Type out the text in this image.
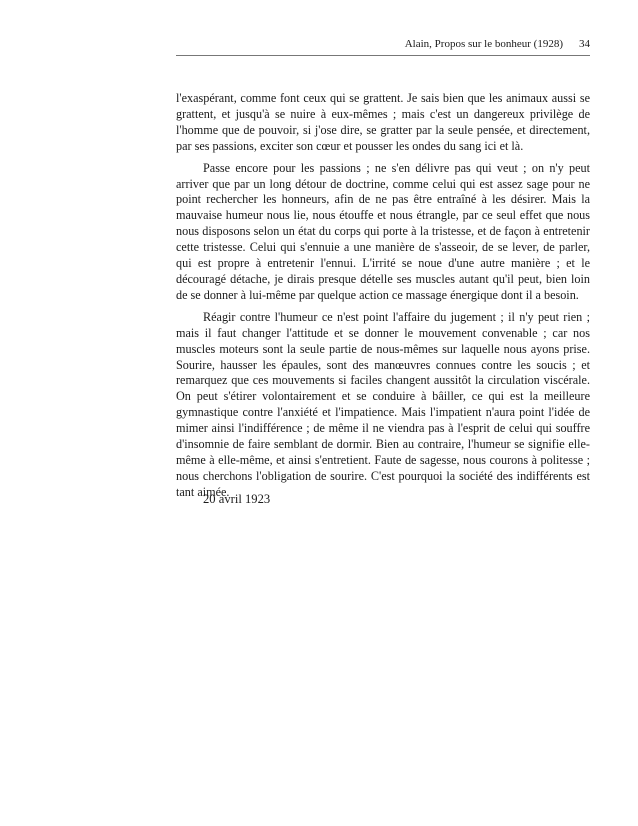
Alain, Propos sur le bonheur (1928) 34

l'exaspérant, comme font ceux qui se grattent. Je sais bien que les animaux aussi se grattent, et jusqu'à se nuire à eux-mêmes ; mais c'est un dangereux privilège de l'homme que de pouvoir, si j'ose dire, se gratter par la seule pensée, et directement, par ses passions, exciter son cœur et pousser les ondes du sang ici et là.

Passe encore pour les passions ; ne s'en délivre pas qui veut ; on n'y peut arriver que par un long détour de doctrine, comme celui qui est assez sage pour ne point rechercher les honneurs, afin de ne pas être entraîné à les désirer. Mais la mauvaise humeur nous lie, nous étouffe et nous étrangle, par ce seul effet que nous nous disposons selon un état du corps qui porte à la tristesse, et de façon à entretenir cette tristesse. Celui qui s'ennuie a une manière de s'asseoir, de se lever, de parler, qui est propre à entretenir l'ennui. L'irrité se noue d'une autre manière ; et le découragé détache, je dirais presque dételle ses muscles autant qu'il peut, bien loin de se donner à lui-même par quelque action ce massage énergique dont il a besoin.

Réagir contre l'humeur ce n'est point l'affaire du jugement ; il n'y peut rien ; mais il faut changer l'attitude et se donner le mouvement convenable ; car nos muscles moteurs sont la seule partie de nous-mêmes sur laquelle nous ayons prise. Sourire, hausser les épaules, sont des manœuvres connues contre les soucis ; et remarquez que ces mouvements si faciles changent aussitôt la circulation viscérale. On peut s'étirer volontairement et se conduire à bâiller, ce qui est la meilleure gymnastique contre l'anxiété et l'impatience. Mais l'impatient n'aura point l'idée de mimer ainsi l'indifférence ; de même il ne viendra pas à l'esprit de celui qui souffre d'insomnie de faire semblant de dormir. Bien au contraire, l'humeur se signifie elle-même à elle-même, et ainsi s'entretient. Faute de sagesse, nous courons à politesse ; nous cherchons l'obligation de sourire. C'est pourquoi la société des indifférents est tant aimée.

20 avril 1923
